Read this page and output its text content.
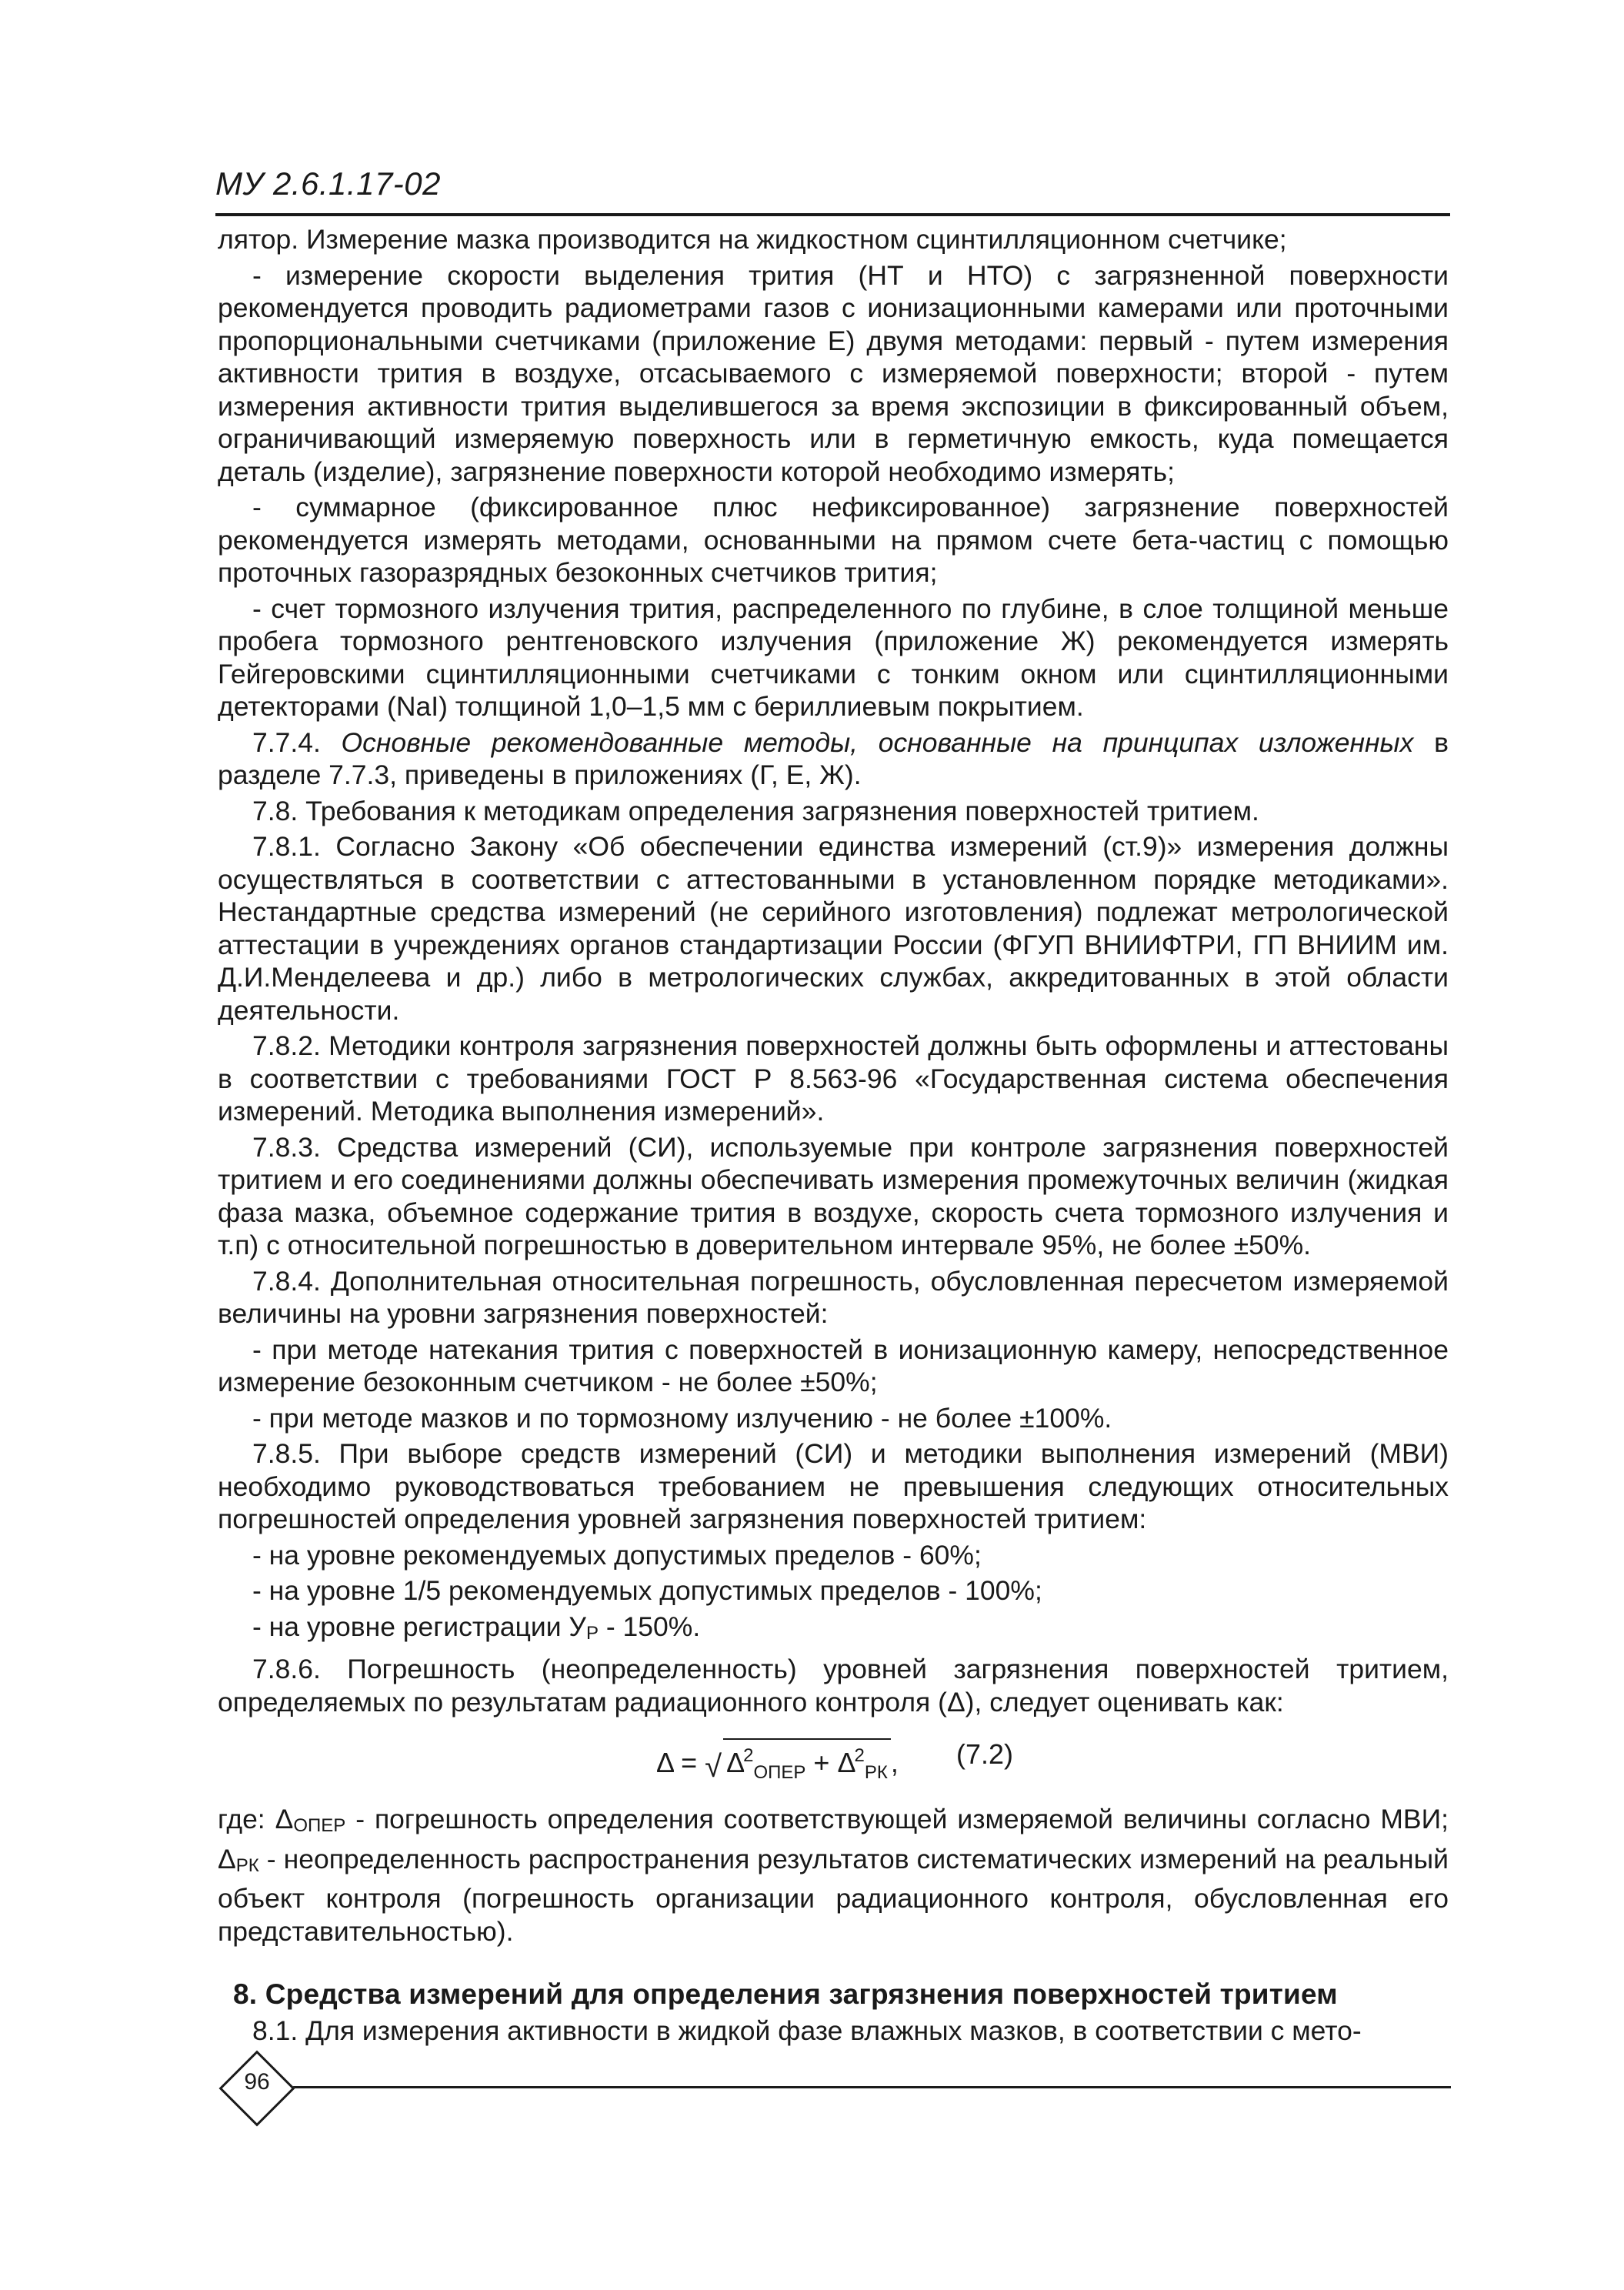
МУ 2.6.1.17-02

лятор. Измерение мазка производится на жидкостном сцинтилляционном счетчике;

- измерение скорости выделения трития (НТ и НТО) с загрязненной поверхности рекомендуется проводить радиометрами газов с ионизационными камерами или проточными пропорциональными счетчиками (приложение Е) двумя методами: первый - путем измерения активности трития в воздухе, отсасываемого с измеряемой поверхности; второй - путем измерения активности трития выделившегося за время экспозиции в фиксированный объем, ограничивающий измеряемую поверхность или в герметичную емкость, куда помещается деталь (изделие), загрязнение поверхности которой необходимо измерять;

- суммарное (фиксированное плюс нефиксированное) загрязнение поверхностей рекомендуется измерять методами, основанными на прямом счете бета-частиц с помощью проточных газоразрядных безоконных счетчиков трития;

- счет тормозного излучения трития, распределенного по глубине, в слое толщиной меньше пробега тормозного рентгеновского излучения (приложение Ж) рекомендуется измерять Гейгеровскими сцинтилляционными счетчиками с тонким окном или сцинтилляционными детекторами (NaI) толщиной 1,0–1,5 мм с бериллиевым покрытием.

7.7.4. Основные рекомендованные методы, основанные на принципах изложенных в разделе 7.7.3, приведены в приложениях (Г, Е, Ж).

7.8. Требования к методикам определения загрязнения поверхностей тритием.

7.8.1. Согласно Закону «Об обеспечении единства измерений (ст.9)» измерения должны осуществляться в соответствии с аттестованными в установленном порядке методиками». Нестандартные средства измерений (не серийного изготовления) подлежат метрологической аттестации в учреждениях органов стандартизации России (ФГУП ВНИИФТРИ, ГП ВНИИМ им. Д.И.Менделеева и др.) либо в метрологических службах, аккредитованных в этой области деятельности.

7.8.2. Методики контроля загрязнения поверхностей должны быть оформлены и аттестованы в соответствии с требованиями ГОСТ Р 8.563-96 «Государственная система обеспечения измерений. Методика выполнения измерений».

7.8.3. Средства измерений (СИ), используемые при контроле загрязнения поверхностей тритием и его соединениями должны обеспечивать измерения промежуточных величин (жидкая фаза мазка, объемное содержание трития в воздухе, скорость счета тормозного излучения и т.п) с относительной погрешностью в доверительном интервале 95%, не более ±50%.

7.8.4. Дополнительная относительная погрешность, обусловленная пересчетом измеряемой величины на уровни загрязнения поверхностей:

- при методе натекания трития с поверхностей в ионизационную камеру, непосредственное измерение безоконным счетчиком - не более ±50%;

- при методе мазков и по тормозному излучению - не более ±100%.

7.8.5. При выборе средств измерений (СИ) и методики выполнения измерений (МВИ) необходимо руководствоваться требованием не превышения следующих относительных погрешностей определения уровней загрязнения поверхностей тритием:

- на уровне рекомендуемых допустимых пределов - 60%;

- на уровне 1/5 рекомендуемых допустимых пределов - 100%;

- на уровне регистрации УР - 150%.

7.8.6. Погрешность (неопределенность) уровней загрязнения поверхностей тритием, определяемых по результатам радиационного контроля (Δ), следует оценивать как:

Δ = √ $\Delta^2_{ОПЕР} + \Delta^2_{РК}$ , (7.2)

где: ΔОПЕР - погрешность определения соответствующей измеряемой величины согласно МВИ; ΔРК - неопределенность распространения результатов систематических измерений на реальный объект контроля (погрешность организации радиационного контроля, обусловленная его представительностью).

8. Средства измерений для определения загрязнения поверхностей тритием

8.1. Для измерения активности в жидкой фазе влажных мазков, в соответствии с мето-

96
